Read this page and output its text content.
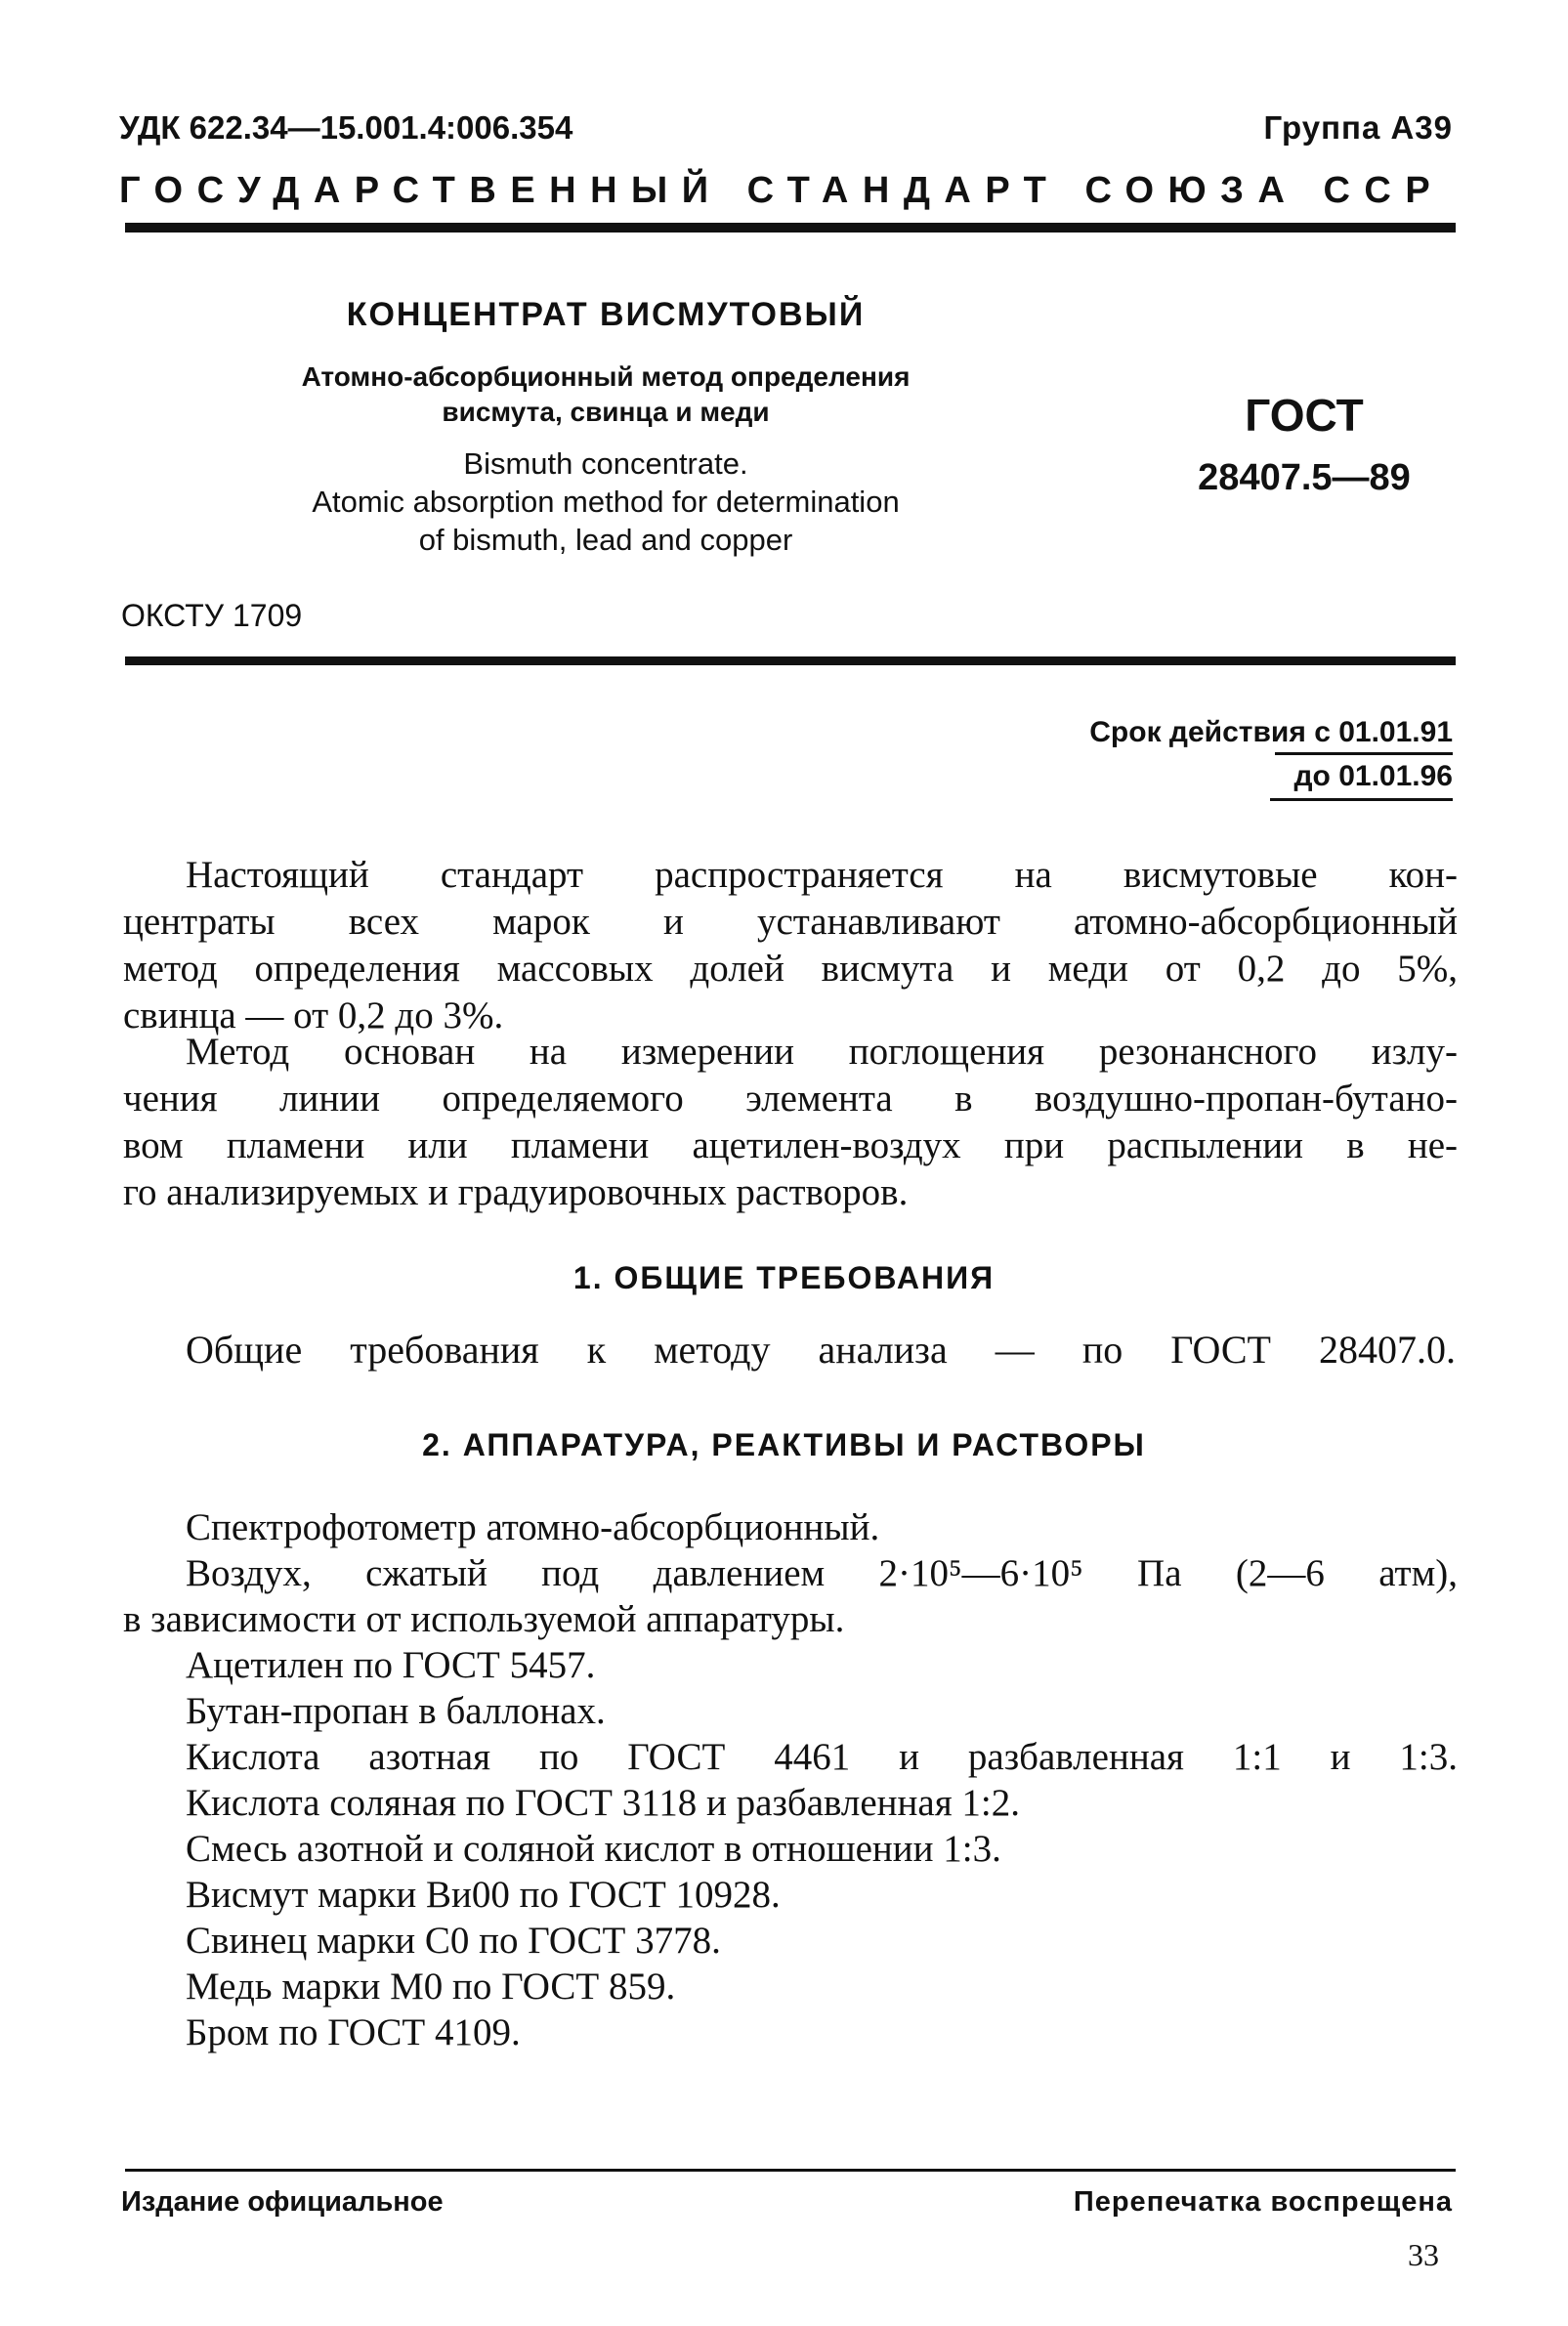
УДК 622.34—15.001.4:006.354	Группа А39
ГОСУДАРСТВЕННЫЙ СТАНДАРТ СОЮЗА ССР
КОНЦЕНТРАТ ВИСМУТОВЫЙ
Атомно-абсорбционный метод определения
висмута, свинца и меди
Bismuth concentrate.
Atomic absorption method for determination
of bismuth, lead and copper
ГОСТ
28407.5—89
ОКСТУ 1709
Срок действия с 01.01.91
до 01.01.96
Настоящий стандарт распространяется на висмутовые кон-
центраты всех марок и устанавливают атомно-абсорбционный
метод определения массовых долей висмута и меди от 0,2 до 5%,
свинца — от 0,2 до 3%.
Метод основан на измерении поглощения резонансного излу-
чения линии определяемого элемента в воздушно-пропан-бутано-
вом пламени или пламени ацетилен-воздух при распылении в не-
го анализируемых и градуировочных растворов.
1. ОБЩИЕ ТРЕБОВАНИЯ
Общие требования к методу анализа — по ГОСТ 28407.0.
2. АППАРАТУРА, РЕАКТИВЫ И РАСТВОРЫ
Спектрофотометр атомно-абсорбционный.
Воздух, сжатый под давлением 2·10⁵—6·10⁵ Па (2—6 атм),
в зависимости от используемой аппаратуры.
Ацетилен по ГОСТ 5457.
Бутан-пропан в баллонах.
Кислота азотная по ГОСТ 4461 и разбавленная 1:1 и 1:3.
Кислота соляная по ГОСТ 3118 и разбавленная 1:2.
Смесь азотной и соляной кислот в отношении 1:3.
Висмут марки Ви00 по ГОСТ 10928.
Свинец марки С0 по ГОСТ 3778.
Медь марки М0 по ГОСТ 859.
Бром по ГОСТ 4109.
Издание официальное	Перепечатка воспрещена
33
